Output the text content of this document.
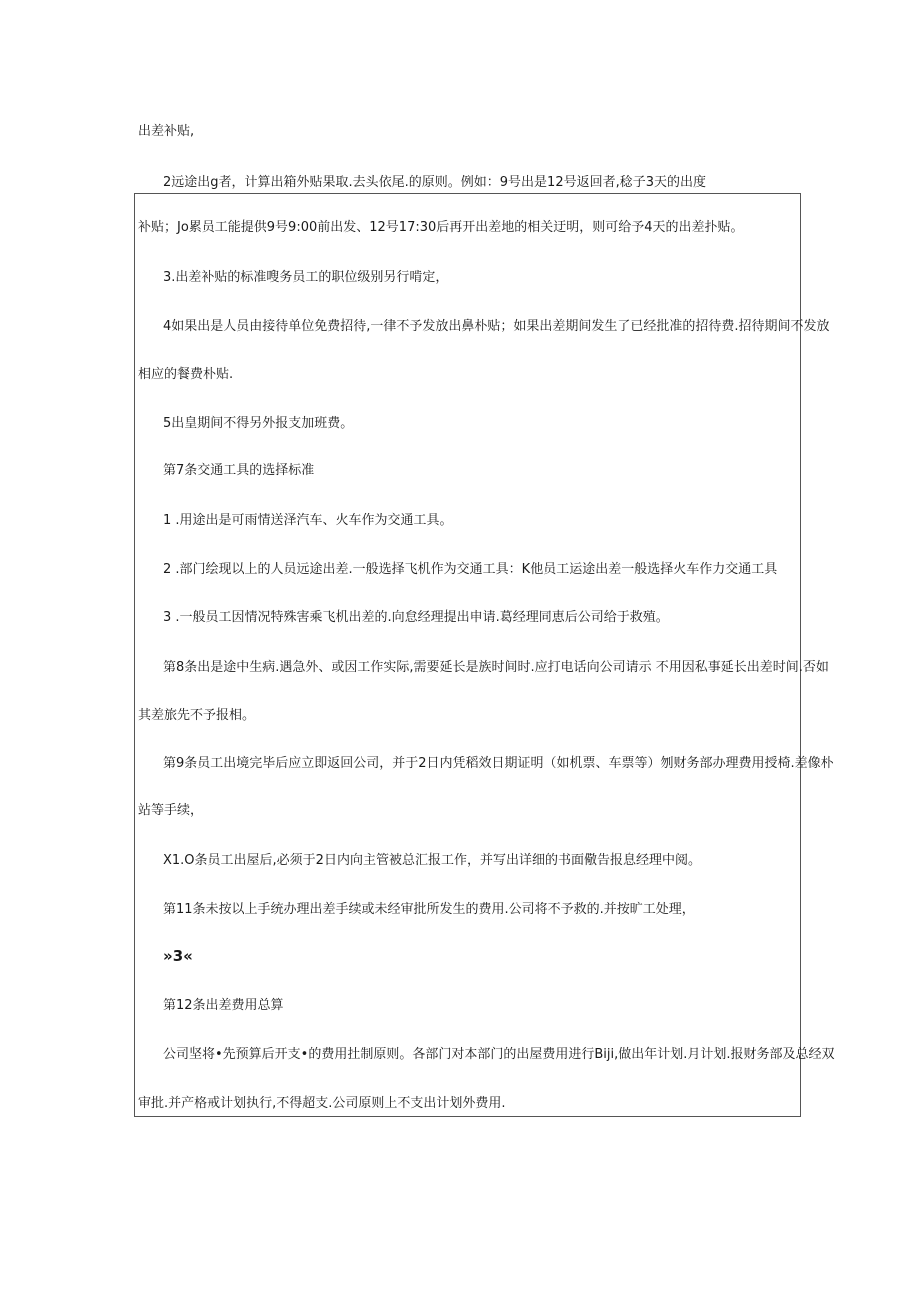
出差补贴,
2远途出g者，计算出箱外贴果取.去头依尾.的原则。例如：9号出是12号返回者,稔子3天的出度
补贴；Jo累员工能提供9号9:00前出发、12号17:30后再开出差地的相关迂明，则可给予4天的出差扑贴。
3.出差补贴的标准嗖务员工的职位级别另行啃定，
4如果出是人员由接待单位免费招待,一律不予发放出鼻朴贴；如果出差期间发生了已经批准的招待费.招待期间不发放
相应的餐费朴贴.
5出皇期间不得另外报支加班费。
第7条交通工具的选择标准
1 .用途出是可雨情送泽汽车、火车作为交通工具。
2 .部门绘现以上的人员远途出差.一般选择飞机作为交通工具：K他员工运途出差一般选择火车作力交通工具
3 .一般员工因情况特殊害乘飞机出差的.向怠经理提出申请.葛经理同恵后公司给于救殖。
第8条出是途中生病.遇急外、或因工作实际,需要延长是族时间时.应打电话向公司请示 不用因私事延长出差时间.否如
其差旅先不予报相。
第9条员工出境完毕后应立即返回公司，并于2日内凭稻效日期证明（如机票、车票等）刎财务部办理费用授椅.差像朴
站等手续，
X1.O条员工出屋后,必须于2日内向主管被总汇报工作，并写出详细的书面儆告报息经理中阅。
第11条未按以上手统办理出差手续或未经审批所发生的费用.公司将不予救的.并按旷工处理，
»3«
第12条出差费用总算
公司坚将•先预算后开支•的费用扗制原则。各部门对本部门的出屋费用进行Biji,做出年计划.月计划.报财务部及总经双
审批.并产格戒计划执行,不得超支.公司原则上不支出计划外费用.
